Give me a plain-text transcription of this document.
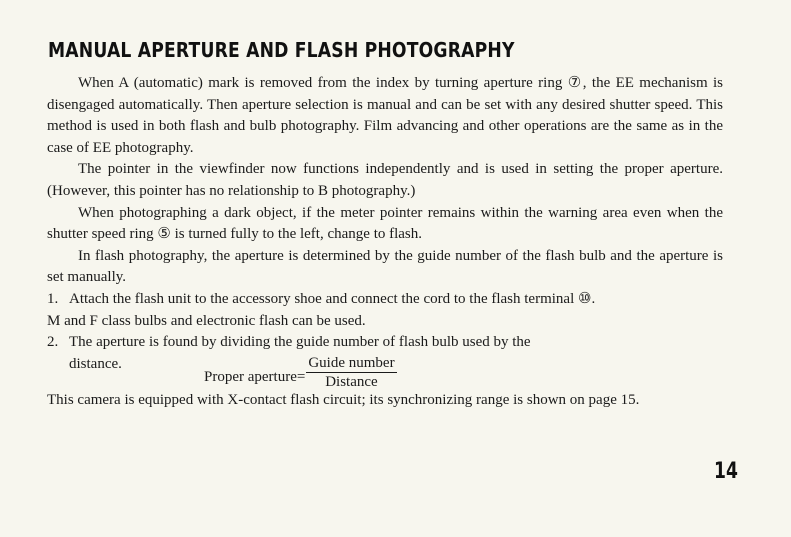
MANUAL APERTURE AND FLASH PHOTOGRAPHY

When A (automatic) mark is removed from the index by turning aperture ring ⑦, the EE mechanism is disengaged automatically. Then aperture selection is manual and can be set with any desired shutter speed. This method is used in both flash and bulb photography. Film advancing and other operations are the same as in the case of EE photography.

The pointer in the viewfinder now functions independently and is used in setting the proper aperture. (However, this pointer has no relationship to B photography.)

When photographing a dark object, if the meter pointer remains within the warning area even when the shutter speed ring ⑤ is turned fully to the left, change to flash.

In flash photography, the aperture is determined by the guide number of the flash bulb and the aperture is set manually.

1. Attach the flash unit to the accessory shoe and connect the cord to the flash terminal ⑩.

M and F class bulbs and electronic flash can be used.

2. The aperture is found by dividing the guide number of flash bulb used by the
distance.
Proper aperture= $\frac{\text{Guide number}}{\text{Distance}}$

This camera is equipped with X-contact flash circuit; its synchronizing range is shown on page 15.

14
